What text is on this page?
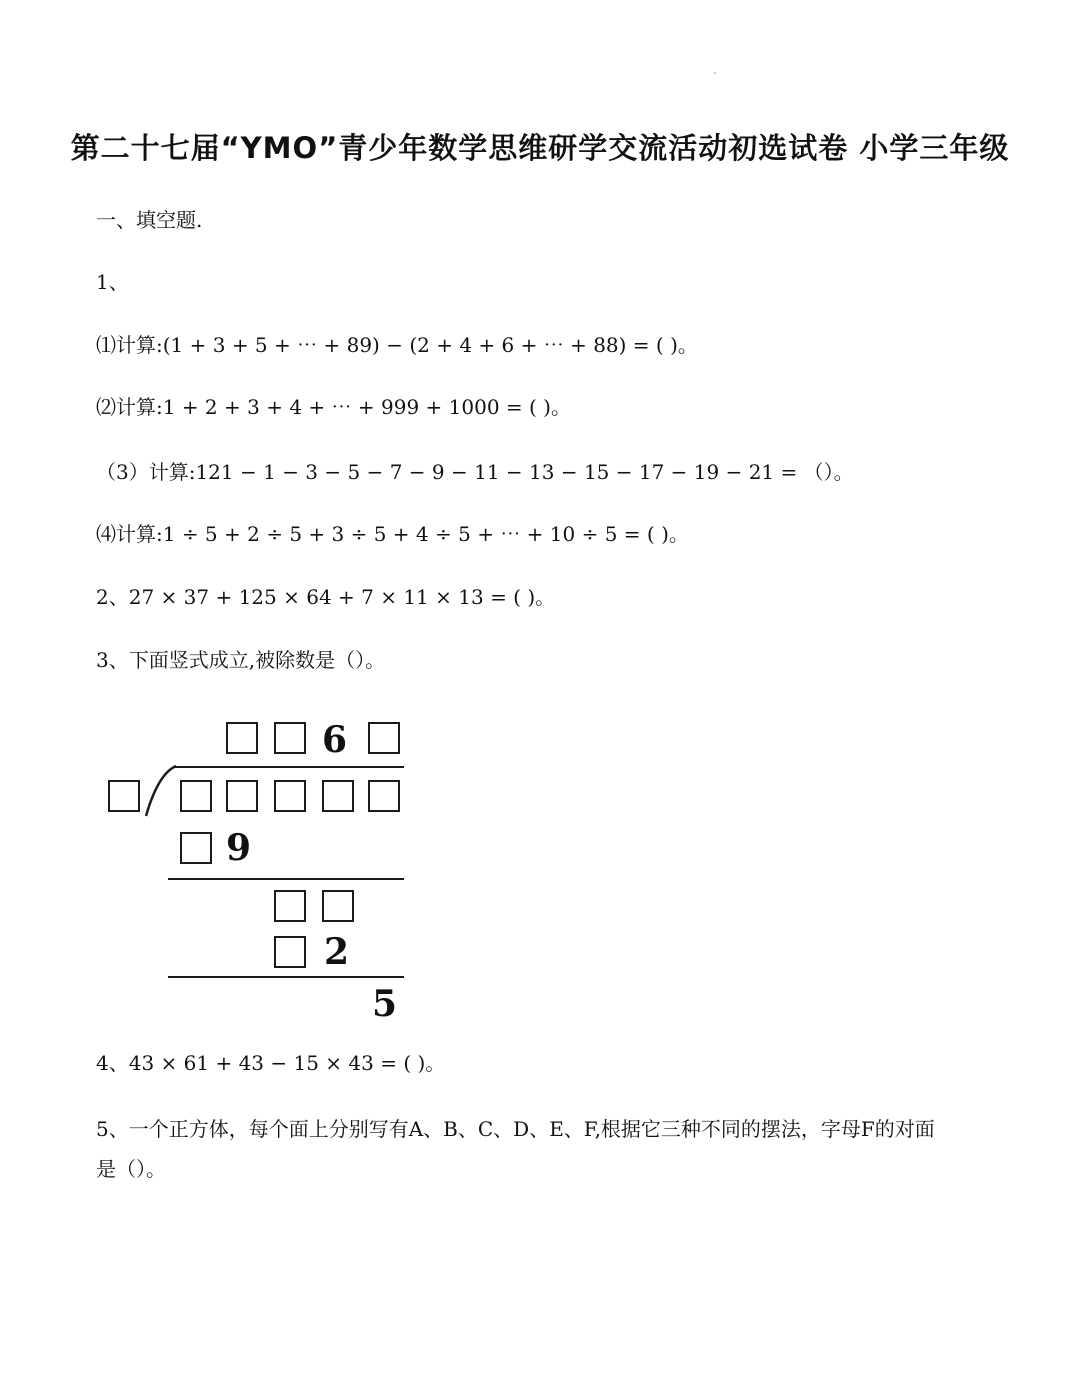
第二十七届“YMO”青少年数学思维研学交流活动初选试卷 小学三年级
一、填空题.
1、
⑴计算:(1 + 3 + 5 + ⋯ + 89) − (2 + 4 + 6 + ⋯ + 88) = ( )。
⑵计算:1 + 2 + 3 + 4 + ⋯ + 999 + 1000 = ( )。
（3）计算:121 − 1 − 3 − 5 − 7 − 9 − 11 − 13 − 15 − 17 − 19 − 21 = （）。
⑷计算:1 ÷ 5 + 2 ÷ 5 + 3 ÷ 5 + 4 ÷ 5 + ⋯ + 10 ÷ 5 = ( )。
2、27 × 37 + 125 × 64 + 7 × 11 × 13 = ( )。
3、下面竖式成立,被除数是（）。
6
9
2
5
4、43 × 61 + 43 − 15 × 43 = ( )。
5、一个正方体，每个面上分别写有A、B、C、D、E、F,根据它三种不同的摆法，字母F的对面
是（）。
